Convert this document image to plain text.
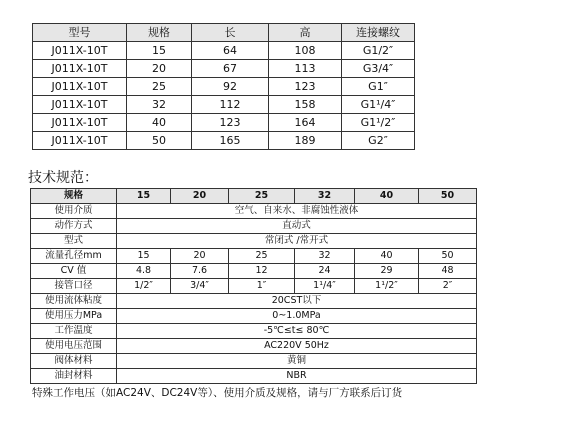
型号	规格	长	高	连接螺纹
J011X-10T	15	64	108	G1/2″
J011X-10T	20	67	113	G3/4″
J011X-10T	25	92	123	G1″
J011X-10T	32	112	158	G1¹/4″
J011X-10T	40	123	164	G1¹/2″
J011X-10T	50	165	189	G2″
技术规范：
规格	15	20	25	32	40	50
使用介质	空气、自来水、非腐蚀性液体					
动作方式	直动式					
型式	常闭式 /常开式					
流量孔径mm	15	20	25	32	40	50
CV 值	4.8	7.6	12	24	29	48
接管口径	1/2″	3/4″	1″	1¹/4″	1¹/2″	2″
使用流体粘度	20CST以下					
使用压力MPa	0~1.0MPa					
工作温度	-5℃≤t≤ 80℃					
使用电压范围	AC220V 50Hz					
阀体材料	黄铜					
油封材料	NBR					
特殊工作电压（如AC24V、DC24V等）、使用介质及规格，请与厂方联系后订货
